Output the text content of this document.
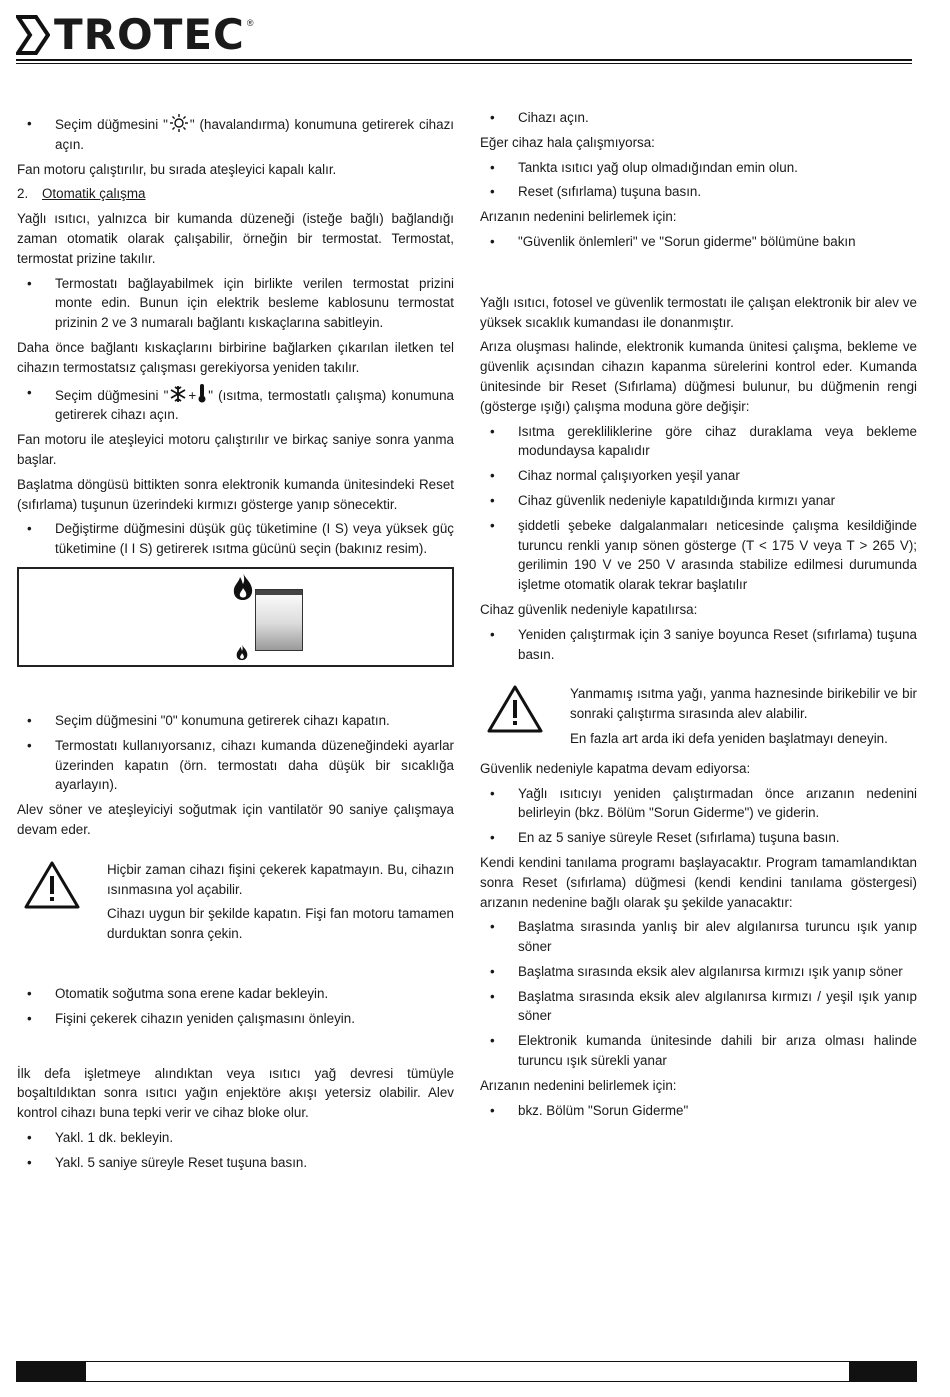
TROTEC ®
• Seçim düğmesini " " (havalandırma) konumuna getirerek cihazı açın.

Fan motoru çalıştırılır, bu sırada ateşleyici kapalı kalır.

2. Otomatik çalışma

Yağlı ısıtıcı, yalnızca bir kumanda düzeneği (isteğe bağlı) bağlandığı zaman otomatik olarak çalışabilir, örneğin bir termostat. Termostat, termostat prizine takılır.

• Termostatı bağlayabilmek için birlikte verilen termostat prizini monte edin. Bunun için elektrik besleme kablosunu termostat prizinin 2 ve 3 numaralı bağlantı kıskaçlarına sabitleyin.

Daha önce bağlantı kıskaçlarını birbirine bağlarken çıkarılan iletken tel cihazın termostatsız çalışması gerekiyorsa yeniden takılır.

• Seçim düğmesini " + " (ısıtma, termostatlı çalışma) konumuna getirerek cihazı açın.

Fan motoru ile ateşleyici motoru çalıştırılır ve birkaç saniye sonra yanma başlar.

Başlatma döngüsü bittikten sonra elektronik kumanda ünitesindeki Reset (sıfırlama) tuşunun üzerindeki kırmızı gösterge yanıp sönecektir.

• Değiştirme düğmesini düşük güç tüketimine (I S) veya yüksek güç tüketimine (I I S) getirerek ısıtma gücünü seçin (bakınız resim).
• Seçim düğmesini "0" konumuna getirerek cihazı kapatın.
• Termostatı kullanıyorsanız, cihazı kumanda düzeneğindeki ayarlar üzerinden kapatın (örn. termostatı daha düşük bir sıcaklığa ayarlayın).

Alev söner ve ateşleyiciyi soğutmak için vantilatör 90 saniye çalışmaya devam eder.

Hiçbir zaman cihazı fişini çekerek kapatmayın. Bu, cihazın ısınmasına yol açabilir.

Cihazı uygun bir şekilde kapatın. Fişi fan motoru tamamen durduktan sonra çekin.

• Otomatik soğutma sona erene kadar bekleyin.
• Fişini çekerek cihazın yeniden çalışmasını önleyin.

İlk defa işletmeye alındıktan veya ısıtıcı yağ devresi tümüyle boşaltıldıktan sonra ısıtıcı yağın enjektöre akışı yetersiz olabilir. Alev kontrol cihazı buna tepki verir ve cihaz bloke olur.

• Yakl. 1 dk. bekleyin.
• Yakl. 5 saniye süreyle Reset tuşuna basın.
• Cihazı açın.

Eğer cihaz hala çalışmıyorsa:

• Tankta ısıtıcı yağ olup olmadığından emin olun.
• Reset (sıfırlama) tuşuna basın.

Arızanın nedenini belirlemek için:

• "Güvenlik önlemleri" ve "Sorun giderme" bölümüne bakın

Yağlı ısıtıcı, fotosel ve güvenlik termostatı ile çalışan elektronik bir alev ve yüksek sıcaklık kumandası ile donanmıştır.

Arıza oluşması halinde, elektronik kumanda ünitesi çalışma, bekleme ve güvenlik açısından cihazın kapanma sürelerini kontrol eder. Kumanda ünitesinde bir Reset (Sıfırlama) düğmesi bulunur, bu düğmenin rengi (gösterge ışığı) çalışma moduna göre değişir:

• Isıtma gerekliliklerine göre cihaz duraklama veya bekleme modundaysa kapalıdır
• Cihaz normal çalışıyorken yeşil yanar
• Cihaz güvenlik nedeniyle kapatıldığında kırmızı yanar
• şiddetli şebeke dalgalanmaları neticesinde çalışma kesildiğinde turuncu renkli yanıp sönen gösterge (T < 175 V veya T > 265 V); gerilimin 190 V ve 250 V arasında stabilize edilmesi durumunda işletme otomatik olarak tekrar başlatılır

Cihaz güvenlik nedeniyle kapatılırsa:

• Yeniden çalıştırmak için 3 saniye boyunca Reset (sıfırlama) tuşuna basın.

Yanmamış ısıtma yağı, yanma haznesinde birikebilir ve bir sonraki çalıştırma sırasında alev alabilir.

En fazla art arda iki defa yeniden başlatmayı deneyin.

Güvenlik nedeniyle kapatma devam ediyorsa:

• Yağlı ısıtıcıyı yeniden çalıştırmadan önce arızanın nedenini belirleyin (bkz. Bölüm "Sorun Giderme") ve giderin.
• En az 5 saniye süreyle Reset (sıfırlama) tuşuna basın.

Kendi kendini tanılama programı başlayacaktır. Program tamamlandıktan sonra Reset (sıfırlama) düğmesi (kendi kendini tanılama göstergesi) arızanın nedenine bağlı olarak şu şekilde yanacaktır:

• Başlatma sırasında yanlış bir alev algılanırsa turuncu ışık yanıp söner
• Başlatma sırasında eksik alev algılanırsa kırmızı ışık yanıp söner
• Başlatma sırasında eksik alev algılanırsa kırmızı / yeşil ışık yanıp söner
• Elektronik kumanda ünitesinde dahili bir arıza olması halinde turuncu ışık sürekli yanar

Arızanın nedenini belirlemek için:

• bkz. Bölüm "Sorun Giderme"
